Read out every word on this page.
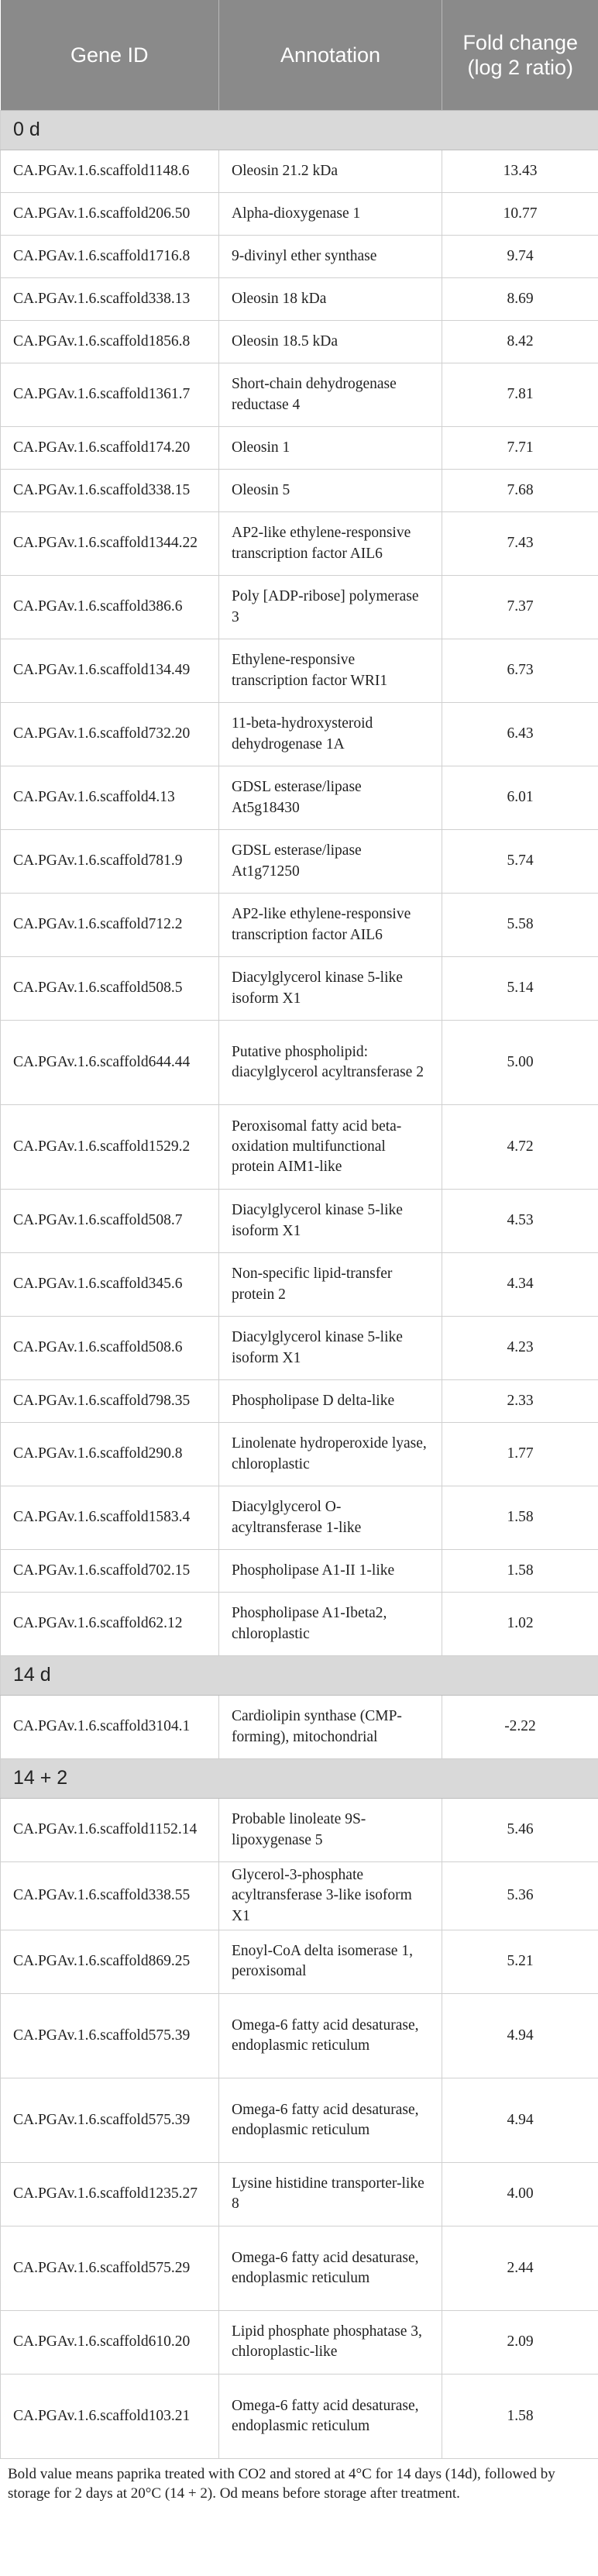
Gene ID	Annotation	Fold change (log 2 ratio)
0 d		
CA.PGAv.1.6.scaffold1148.6	Oleosin 21.2 kDa	13.43
CA.PGAv.1.6.scaffold206.50	Alpha-dioxygenase 1	10.77
CA.PGAv.1.6.scaffold1716.8	9-divinyl ether synthase	9.74
CA.PGAv.1.6.scaffold338.13	Oleosin 18 kDa	8.69
CA.PGAv.1.6.scaffold1856.8	Oleosin 18.5 kDa	8.42
CA.PGAv.1.6.scaffold1361.7	Short-chain dehydrogenase reductase 4	7.81
CA.PGAv.1.6.scaffold174.20	Oleosin 1	7.71
CA.PGAv.1.6.scaffold338.15	Oleosin 5	7.68
CA.PGAv.1.6.scaffold1344.22	AP2-like ethylene-responsive transcription factor AIL6	7.43
CA.PGAv.1.6.scaffold386.6	Poly [ADP-ribose] polymerase 3	7.37
CA.PGAv.1.6.scaffold134.49	Ethylene-responsive transcription factor WRI1	6.73
CA.PGAv.1.6.scaffold732.20	11-beta-hydroxysteroid dehydrogenase 1A	6.43
CA.PGAv.1.6.scaffold4.13	GDSL esterase/lipase At5g18430	6.01
CA.PGAv.1.6.scaffold781.9	GDSL esterase/lipase At1g71250	5.74
CA.PGAv.1.6.scaffold712.2	AP2-like ethylene-responsive transcription factor AIL6	5.58
CA.PGAv.1.6.scaffold508.5	Diacylglycerol kinase 5-like isoform X1	5.14
CA.PGAv.1.6.scaffold644.44	Putative phospholipid: diacylglycerol acyltransferase 2	5.00
CA.PGAv.1.6.scaffold1529.2	Peroxisomal fatty acid beta-oxidation multifunctional protein AIM1-like	4.72
CA.PGAv.1.6.scaffold508.7	Diacylglycerol kinase 5-like isoform X1	4.53
CA.PGAv.1.6.scaffold345.6	Non-specific lipid-transfer protein 2	4.34
CA.PGAv.1.6.scaffold508.6	Diacylglycerol kinase 5-like isoform X1	4.23
CA.PGAv.1.6.scaffold798.35	Phospholipase D delta-like	2.33
CA.PGAv.1.6.scaffold290.8	Linolenate hydroperoxide lyase, chloroplastic	1.77
CA.PGAv.1.6.scaffold1583.4	Diacylglycerol O-acyltransferase 1-like	1.58
CA.PGAv.1.6.scaffold702.15	Phospholipase A1-II 1-like	1.58
CA.PGAv.1.6.scaffold62.12	Phospholipase A1-Ibeta2, chloroplastic	1.02
14 d		
CA.PGAv.1.6.scaffold3104.1	Cardiolipin synthase (CMP-forming), mitochondrial	-2.22
14 + 2		
CA.PGAv.1.6.scaffold1152.14	Probable linoleate 9S-lipoxygenase 5	5.46
CA.PGAv.1.6.scaffold338.55	Glycerol-3-phosphate acyltransferase 3-like isoform X1	5.36
CA.PGAv.1.6.scaffold869.25	Enoyl-CoA delta isomerase 1, peroxisomal	5.21
CA.PGAv.1.6.scaffold575.39	Omega-6 fatty acid desaturase, endoplasmic reticulum	4.94
CA.PGAv.1.6.scaffold575.39	Omega-6 fatty acid desaturase, endoplasmic reticulum	4.94
CA.PGAv.1.6.scaffold1235.27	Lysine histidine transporter-like 8	4.00
CA.PGAv.1.6.scaffold575.29	Omega-6 fatty acid desaturase, endoplasmic reticulum	2.44
CA.PGAv.1.6.scaffold610.20	Lipid phosphate phosphatase 3, chloroplastic-like	2.09
CA.PGAv.1.6.scaffold103.21	Omega-6 fatty acid desaturase, endoplasmic reticulum	1.58
Bold value means paprika treated with CO2 and stored at 4°C for 14 days (14d), followed by storage for 2 days at 20°C (14 + 2). Od means before storage after treatment.
